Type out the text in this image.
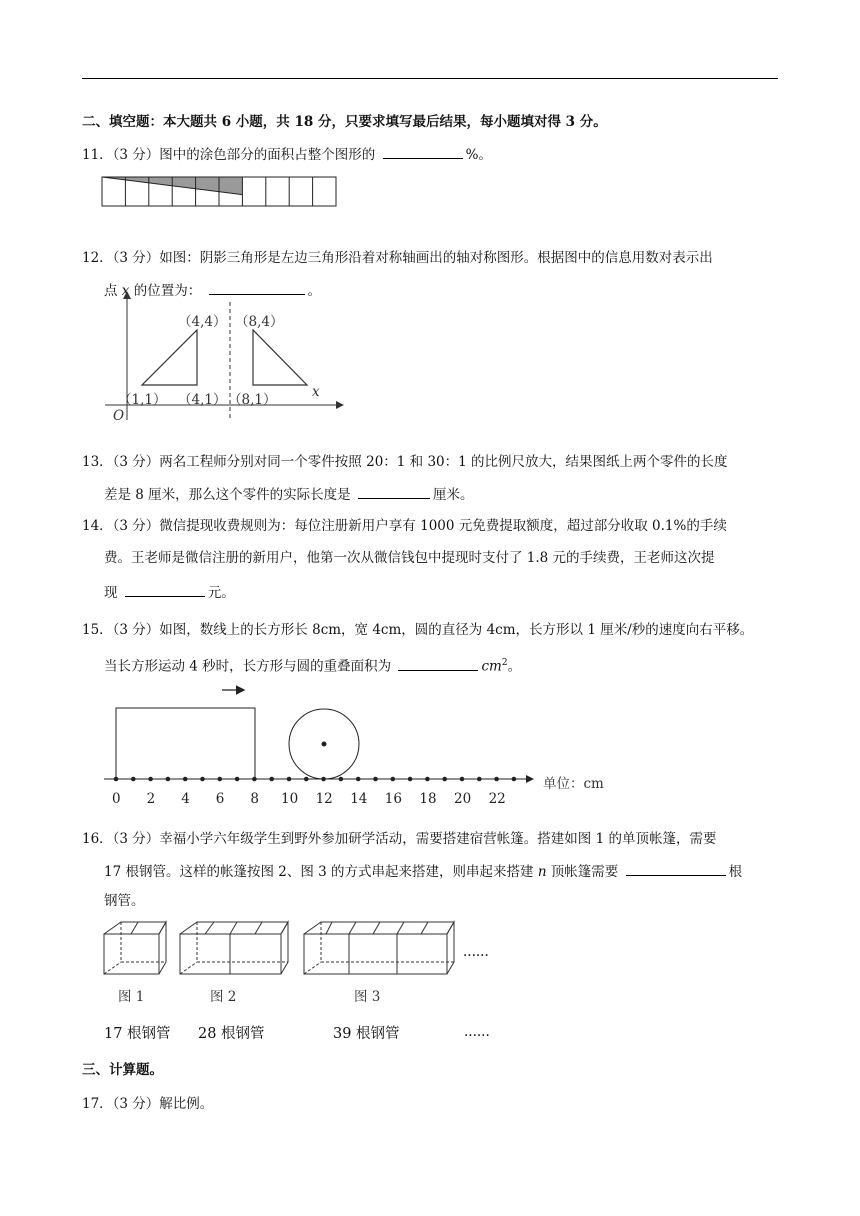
二、填空题：本大题共 6 小题，共 18 分，只要求填写最后结果，每小题填对得 3 分。
11．（3 分）图中的涂色部分的面积占整个图形的	%。
12．（3 分）如图：阴影三角形是左边三角形沿着对称轴画出的轴对称图形。根据图中的信息用数对表示出
点 x 的位置为：	。
（4,4） （8,4）
（1,1） （4,1） （8,1）	x
O
13．（3 分）两名工程师分别对同一个零件按照 20：1 和 30：1 的比例尺放大，结果图纸上两个零件的长度
差是 8 厘米，那么这个零件的实际长度是	厘米。
14．（3 分）微信提现收费规则为：每位注册新用户享有 1000 元免费提取额度，超过部分收取 0.1%的手续
费。王老师是微信注册的新用户，他第一次从微信钱包中提现时支付了 1.8 元的手续费，王老师这次提
现	元。
15．（3 分）如图，数线上的长方形长 8cm，宽 4cm，圆的直径为 4cm，长方形以 1 厘米/秒的速度向右平移。
当长方形运动 4 秒时，长方形与圆的重叠面积为	$cm^2$。
0 2 4 6 8 10 12 14 16 18 20 22
单位：cm
16．（3 分）幸福小学六年级学生到野外参加研学活动，需要搭建宿营帐篷。搭建如图 1 的单顶帐篷，需要
17 根钢管。这样的帐篷按图 2、图 3 的方式串起来搭建，则串起来搭建 n 顶帐篷需要	根
钢管。
......
图 1	图 2	图 3
17 根钢管 28 根钢管	39 根钢管	......
三、计算题。
17．（3 分）解比例。
